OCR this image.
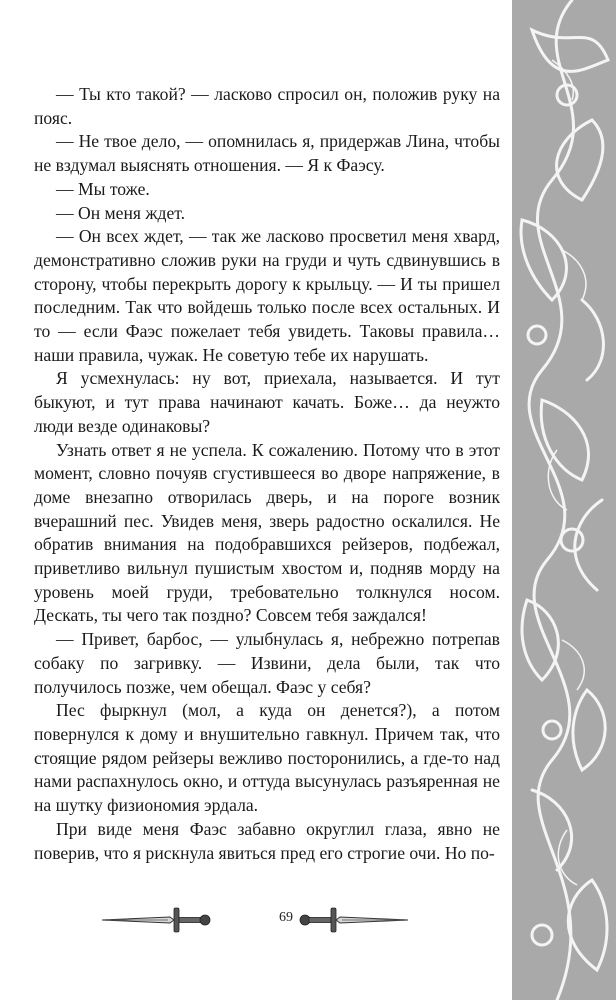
— Ты кто такой? — ласково спросил он, положив руку на пояс.

— Не твое дело, — опомнилась я, придержав Лина, чтобы не вздумал выяснять отношения. — Я к Фаэсу.

— Мы тоже.

— Он меня ждет.

— Он всех ждет, — так же ласково просветил меня хвард, демонстративно сложив руки на груди и чуть сдвинувшись в сторону, чтобы перекрыть дорогу к крыльцу. — И ты пришел последним. Так что войдешь только после всех остальных. И то — если Фаэс пожелает тебя увидеть. Таковы правила… наши правила, чужак. Не советую тебе их нарушать.

Я усмехнулась: ну вот, приехала, называется. И тут быкуют, и тут права начинают качать. Боже… да неужто люди везде одинаковы?

Узнать ответ я не успела. К сожалению. Потому что в этот момент, словно почуяв сгустившееся во дворе напряжение, в доме внезапно отворилась дверь, и на пороге возник вчерашний пес. Увидев меня, зверь радостно оскалился. Не обратив внимания на подобравшихся рейзеров, подбежал, приветливо вильнул пушистым хвостом и, подняв морду на уровень моей груди, требовательно толкнулся носом. Дескать, ты чего так поздно? Совсем тебя заждался!

— Привет, барбос, — улыбнулась я, небрежно потрепав собаку по загривку. — Извини, дела были, так что получилось позже, чем обещал. Фаэс у себя?

Пес фыркнул (мол, а куда он денется?), а потом повернулся к дому и внушительно гавкнул. Причем так, что стоящие рядом рейзеры вежливо посторонились, а где-то над нами распахнулось окно, и оттуда высунулась разъяренная не на шутку физиономия эрдала.

При виде меня Фаэс забавно округлил глаза, явно не поверив, что я рискнула явиться пред его строгие очи. Но по-

69
